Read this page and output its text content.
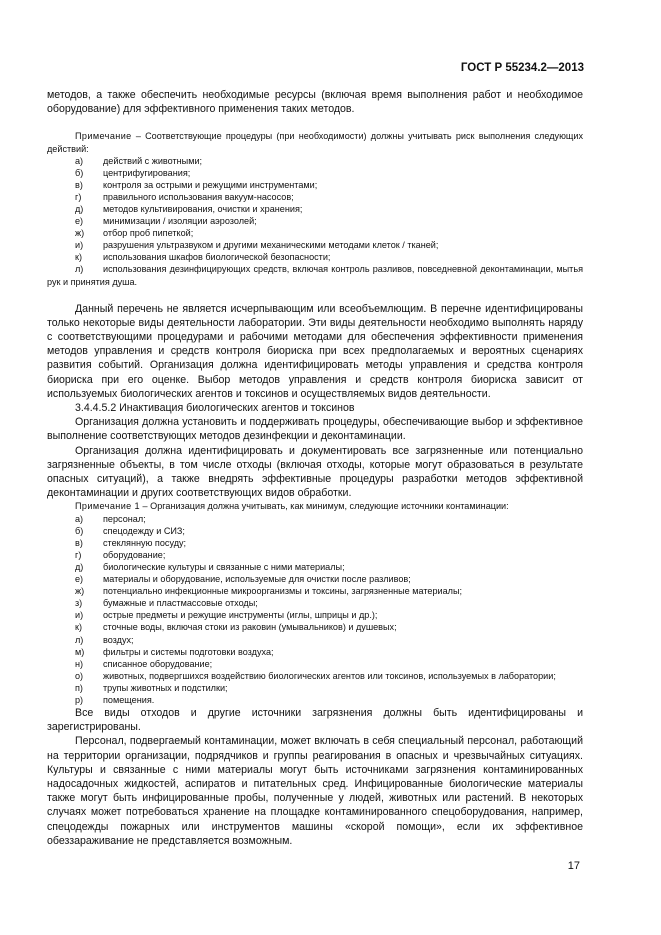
ГОСТ Р 55234.2—2013

методов, а также обеспечить необходимые ресурсы (включая время выполнения работ и необходимое оборудование) для эффективного применения таких методов.

Примечание – Соответствующие процедуры (при необходимости) должны учитывать риск выполнения следующих действий:

а) действий с животными;
б) центрифугирования;
в) контроля за острыми и режущими инструментами;
г) правильного использования вакуум-насосов;
д) методов культивирования, очистки и хранения;
е) минимизации / изоляции аэрозолей;
ж) отбор проб пипеткой;
и) разрушения ультразвуком и другими механическими методами клеток / тканей;
к) использования шкафов биологической безопасности;
л) использования дезинфицирующих средств, включая контроль разливов, повседневной деконтаминации, мытья рук и принятия душа.

Данный перечень не является исчерпывающим или всеобъемлющим. В перечне идентифицированы только некоторые виды деятельности лаборатории. Эти виды деятельности необходимо выполнять наряду с соответствующими процедурами и рабочими методами для обеспечения эффективности применения методов управления и средств контроля биориска при всех предполагаемых и вероятных сценариях развития событий. Организация должна идентифицировать методы управления и средства контроля биориска при его оценке. Выбор методов управления и средств контроля биориска зависит от используемых биологических агентов и токсинов и осуществляемых видов деятельности.

3.4.4.5.2 Инактивация биологических агентов и токсинов

Организация должна установить и поддерживать процедуры, обеспечивающие выбор и эффективное выполнение соответствующих методов дезинфекции и деконтаминации.

Организация должна идентифицировать и документировать все загрязненные или потенциально загрязненные объекты, в том числе отходы (включая отходы, которые могут образоваться в результате опасных ситуаций), а также внедрять эффективные процедуры разработки методов эффективной деконтаминации и других соответствующих видов обработки.

Примечание 1 – Организация должна учитывать, как минимум, следующие источники контаминации:

а) персонал;
б) спецодежду и СИЗ;
в) стеклянную посуду;
г) оборудование;
д) биологические культуры и связанные с ними материалы;
е) материалы и оборудование, используемые для очистки после разливов;
ж) потенциально инфекционные микроорганизмы и токсины, загрязненные материалы;
з) бумажные и пластмассовые отходы;
и) острые предметы и режущие инструменты (иглы, шприцы и др.);
к) сточные воды, включая стоки из раковин (умывальников) и душевых;
л) воздух;
м) фильтры и системы подготовки воздуха;
н) списанное оборудование;
о) животных, подвергшихся воздействию биологических агентов или токсинов, используемых в лаборатории;
п) трупы животных и подстилки;
р) помещения.

Все виды отходов и другие источники загрязнения должны быть идентифицированы и зарегистрированы.

Персонал, подвергаемый контаминации, может включать в себя специальный персонал, работающий на территории организации, подрядчиков и группы реагирования в опасных и чрезвычайных ситуациях. Культуры и связанные с ними материалы могут быть источниками загрязнения контаминированных надосадочных жидкостей, аспиратов и питательных сред. Инфицированные биологические материалы также могут быть инфицированные пробы, полученные у людей, животных или растений. В некоторых случаях может потребоваться хранение на площадке контаминированного спецоборудования, например, спецодежды пожарных или инструментов машины «скорой помощи», если их эффективное обеззараживание не представляется возможным.

17
